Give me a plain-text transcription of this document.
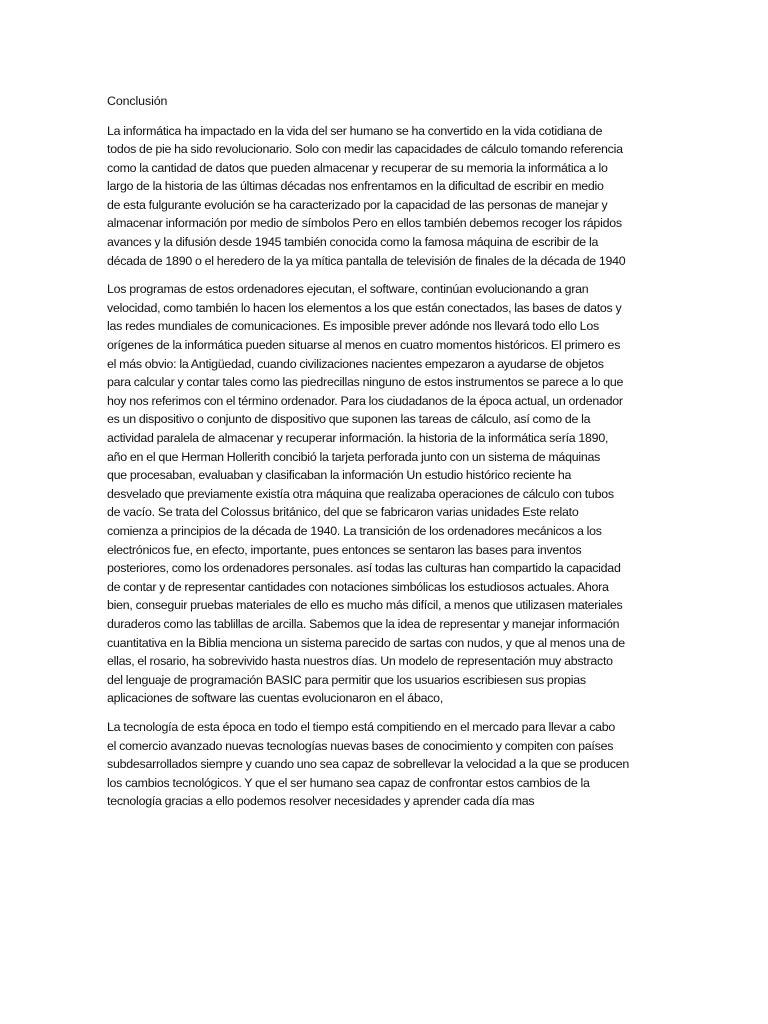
Conclusión
La informática ha impactado en la vida del ser humano se ha convertido en la vida cotidiana de
todos de pie ha sido revolucionario. Solo con medir las capacidades de cálculo tomando referencia
como la cantidad de datos que pueden almacenar y recuperar de su memoria la informática a lo
largo de la historia de las últimas décadas nos enfrentamos en la dificultad de escribir en medio
de esta fulgurante evolución se ha caracterizado por la capacidad de las personas de manejar y
almacenar información por medio de símbolos Pero en ellos también debemos recoger los rápidos
avances y la difusión desde 1945 también conocida como la famosa máquina de escribir de la
década de 1890 o el heredero de la ya mítica pantalla de televisión de finales de la década de 1940
Los programas de estos ordenadores ejecutan, el software, continúan evolucionando a gran
velocidad, como también lo hacen los elementos a los que están conectados, las bases de datos y
las redes mundiales de comunicaciones. Es imposible prever adónde nos llevará todo ello Los
orígenes de la informática pueden situarse al menos en cuatro momentos históricos. El primero es
el más obvio: la Antigüedad, cuando civilizaciones nacientes empezaron a ayudarse de objetos
para calcular y contar tales como las piedrecillas ninguno de estos instrumentos se parece a lo que
hoy nos referimos con el término ordenador. Para los ciudadanos de la época actual, un ordenador
es un dispositivo o conjunto de dispositivo que suponen las tareas de cálculo, así como de la
actividad paralela de almacenar y recuperar información. la historia de la informática sería 1890,
año en el que Herman Hollerith concibió la tarjeta perforada junto con un sistema de máquinas
que procesaban, evaluaban y clasificaban la información Un estudio histórico reciente ha
desvelado que previamente existía otra máquina que realizaba operaciones de cálculo con tubos
de vacío. Se trata del Colossus británico, del que se fabricaron varias unidades Este relato
comienza a principios de la década de 1940. La transición de los ordenadores mecánicos a los
electrónicos fue, en efecto, importante, pues entonces se sentaron las bases para inventos
posteriores, como los ordenadores personales. así todas las culturas han compartido la capacidad
de contar y de representar cantidades con notaciones simbólicas los estudiosos actuales. Ahora
bien, conseguir pruebas materiales de ello es mucho más difícil, a menos que utilizasen materiales
duraderos como las tablillas de arcilla. Sabemos que la idea de representar y manejar información
cuantitativa en la Biblia menciona un sistema parecido de sartas con nudos, y que al menos una de
ellas, el rosario, ha sobrevivido hasta nuestros días. Un modelo de representación muy abstracto
del lenguaje de programación BASIC para permitir que los usuarios escribiesen sus propias
aplicaciones de software las cuentas evolucionaron en el ábaco,
La tecnología de esta época en todo el tiempo está compitiendo en el mercado para llevar a cabo
el comercio avanzado nuevas tecnologías nuevas bases de conocimiento y compiten con países
subdesarrollados siempre y cuando uno sea capaz de sobrellevar la velocidad a la que se producen
los cambios tecnológicos. Y que el ser humano sea capaz de confrontar estos cambios de la
tecnología gracias a ello podemos resolver necesidades y aprender cada día mas
